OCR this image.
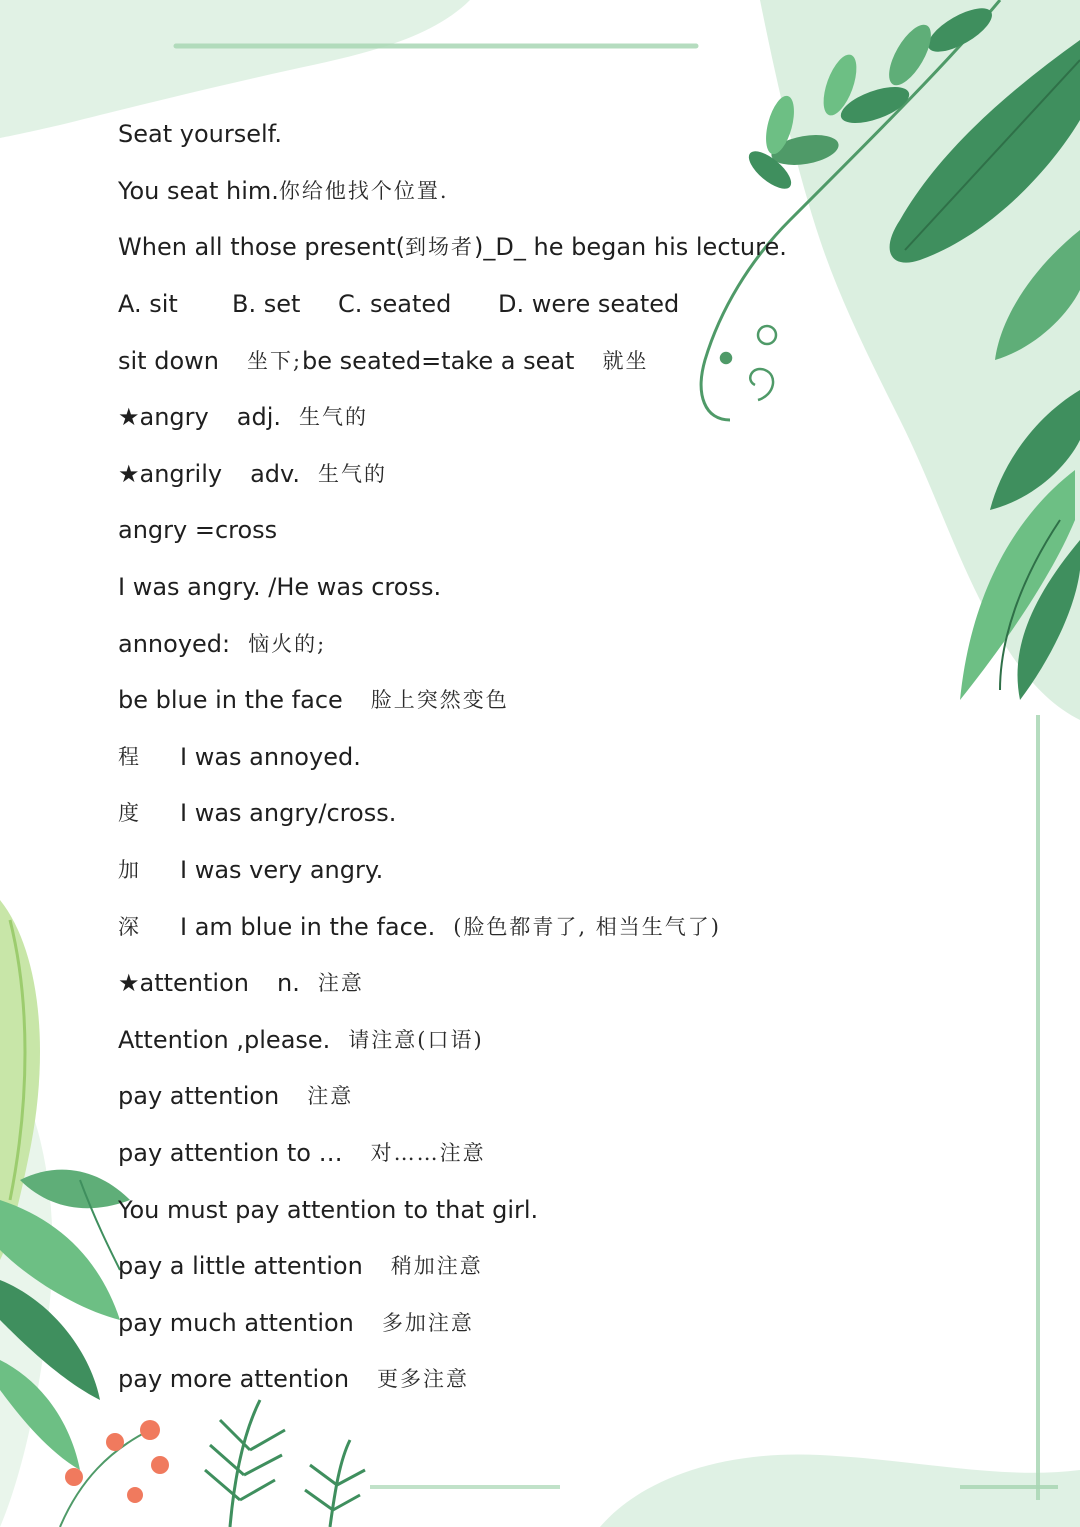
Seat yourself.
You seat him. 你给他找个位置.
When all those present( 到场者 )_D_ he began his lecture.
A. sit	B. set	C. seated	D. were seated
sit down 坐下; be seated=take a seat 就坐
★ angry adj. 生气的
★ angrily adv. 生气的
angry =cross
I was angry. /He was cross.
annoyed: 恼火的;
be blue in the face 脸上突然变色
程	I was annoyed.
度	I was angry/cross.
加	I was very angry.
深	I am blue in the face. (脸色都青了, 相当生气了)
★ attention n. 注意
Attention ,please. 请注意(口语)
pay attention 注意
pay attention to … 对……注意
You must pay attention to that girl.
pay a little attention 稍加注意
pay much attention 多加注意
pay more attention 更多注意
